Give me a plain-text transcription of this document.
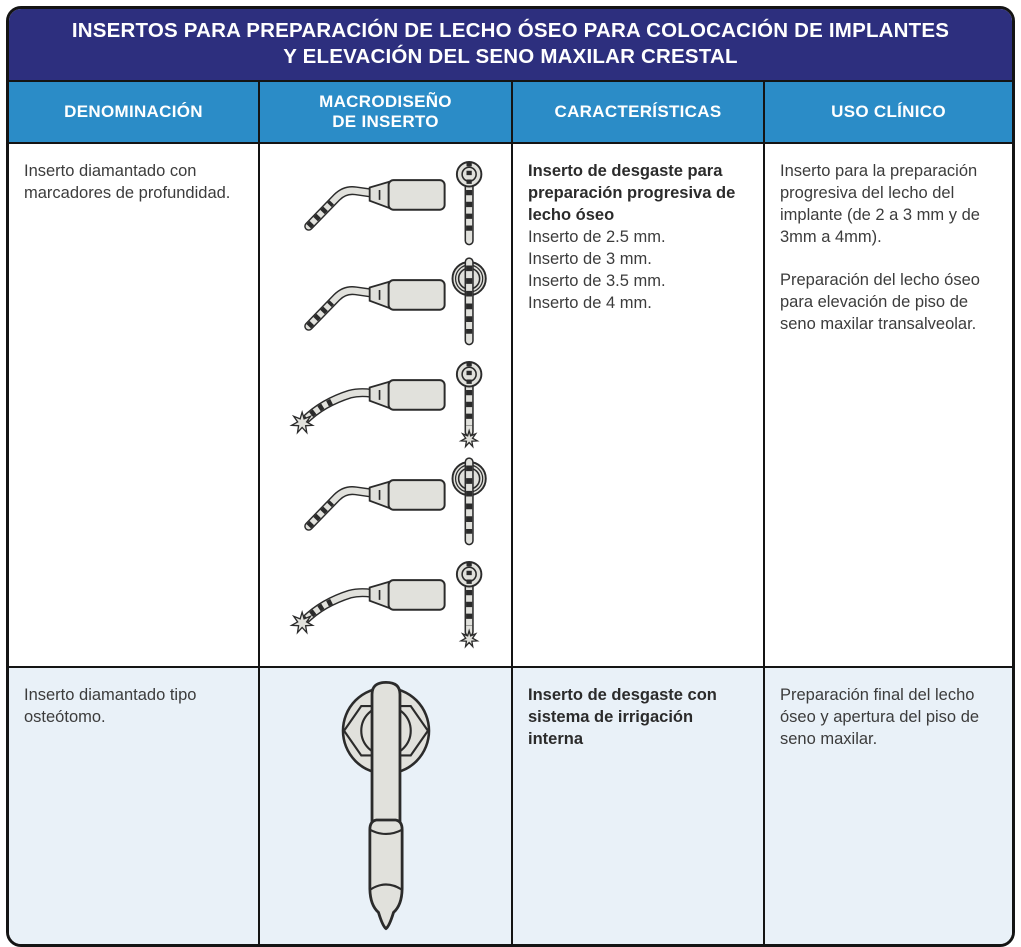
INSERTOS PARA PREPARACIÓN DE LECHO ÓSEO PARA COLOCACIÓN DE IMPLANTES
Y ELEVACIÓN DEL SENO MAXILAR CRESTAL
DENOMINACIÓN
MACRODISEÑO
DE INSERTO
CARACTERÍSTICAS	USO CLÍNICO

Inserto diamantado con marcadores de profundidad.

Inserto de desgaste para preparación progresiva de lecho óseo
Inserto de 2.5 mm.
Inserto de 3 mm.
Inserto de 3.5 mm.
Inserto de 4 mm.

Inserto para la preparación progresiva del lecho del implante (de 2 a 3 mm y de 3mm a 4mm).

Preparación del lecho óseo para elevación de piso de seno maxilar transalveolar.

Inserto diamantado tipo osteótomo.

Inserto de desgaste con sistema de irrigación interna

Preparación final del lecho óseo y apertura del piso de seno maxilar.
